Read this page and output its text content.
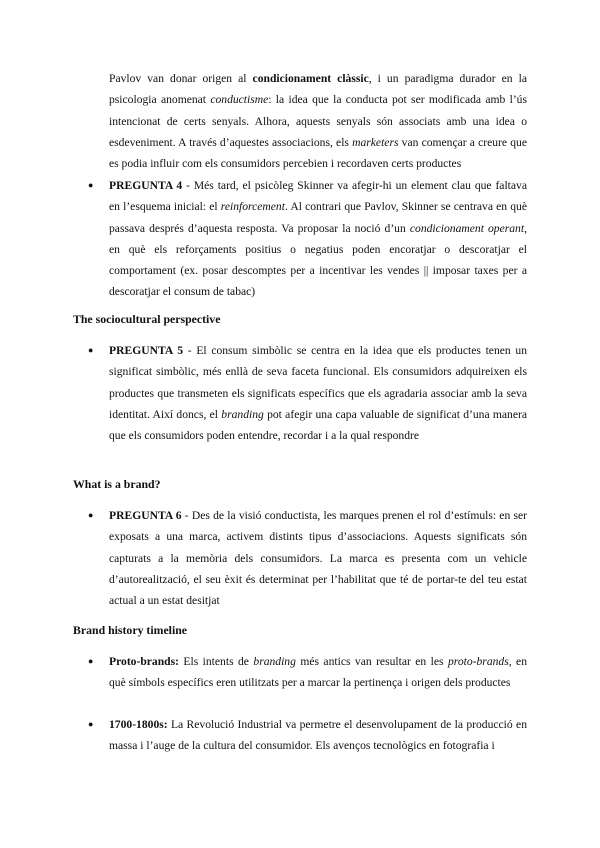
Pavlov van donar origen al condicionament clàssic, i un paradigma durador en la psicologia anomenat conductisme: la idea que la conducta pot ser modificada amb l’ús intencionat de certs senyals. Alhora, aquests senyals són associats amb una idea o esdeveniment. A través d’aquestes associacions, els marketers van començar a creure que es podia influir com els consumidors percebien i recordaven certs productes

● PREGUNTA 4 - Més tard, el psicòleg Skinner va afegir-hi un element clau que faltava en l’esquema inicial: el reinforcement. Al contrari que Pavlov, Skinner se centrava en què passava després d’aquesta resposta. Va proposar la noció d’un condicionament operant, en què els reforçaments positius o negatius poden encoratjar o descoratjar el comportament (ex. posar descomptes per a incentivar les vendes || imposar taxes per a descoratjar el consum de tabac)
The sociocultural perspective
● PREGUNTA 5 - El consum simbòlic se centra en la idea que els productes tenen un significat simbòlic, més enllà de seva faceta funcional. Els consumidors adquireixen els productes que transmeten els significats específics que els agradaria associar amb la seva identitat. Així doncs, el branding pot afegir una capa valuable de significat d’una manera que els consumidors poden entendre, recordar i a la qual respondre
What is a brand?
● PREGUNTA 6 - Des de la visió conductista, les marques prenen el rol d’estímuls: en ser exposats a una marca, activem distints tipus d’associacions. Aquests significats són capturats a la memòria dels consumidors. La marca es presenta com un vehicle d’autorealització, el seu èxit és determinat per l’habilitat que té de portar-te del teu estat actual a un estat desitjat
Brand history timeline
● Proto-brands: Els intents de branding més antics van resultar en les proto-brands, en què símbols específics eren utilitzats per a marcar la pertinença i origen dels productes
● 1700-1800s: La Revolució Industrial va permetre el desenvolupament de la producció en massa i l’auge de la cultura del consumidor. Els avenços tecnològics en fotografia i
